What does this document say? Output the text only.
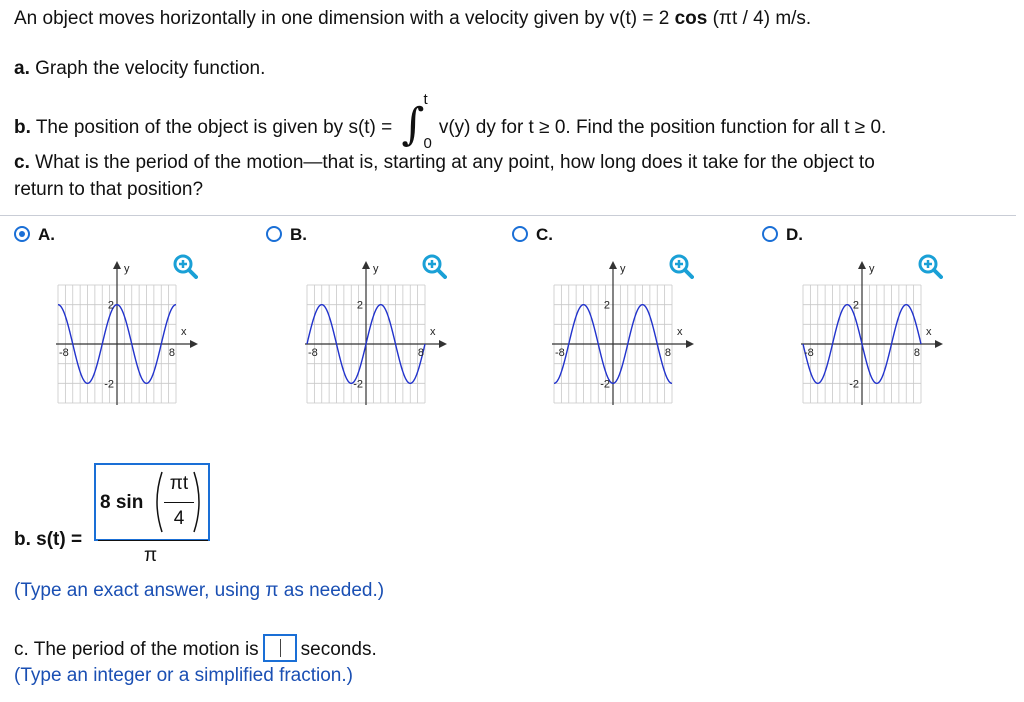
An object moves horizontally in one dimension with a velocity given by v(t) = 2 cos (πt / 4) m/s.
a. Graph the velocity function.
b. The position of the object is given by s(t) = ∫ t
0
v(y) dy for t ≥ 0. Find the position function for all t ≥ 0.
c. What is the period of the motion—that is, starting at any point, how long does it take for the object to
return to that position?
A.	B.	C.	D.
y
x
-8	8
2
-2
y
x
-8	8
2
-2
y
x
-8	8
2
-2
y
x
-8	8
2
-2
8 sin
πt
4
b. s(t) =
π
(Type an exact answer, using π as needed.)
c. The period of the motion is seconds.
(Type an integer or a simplified fraction.)
